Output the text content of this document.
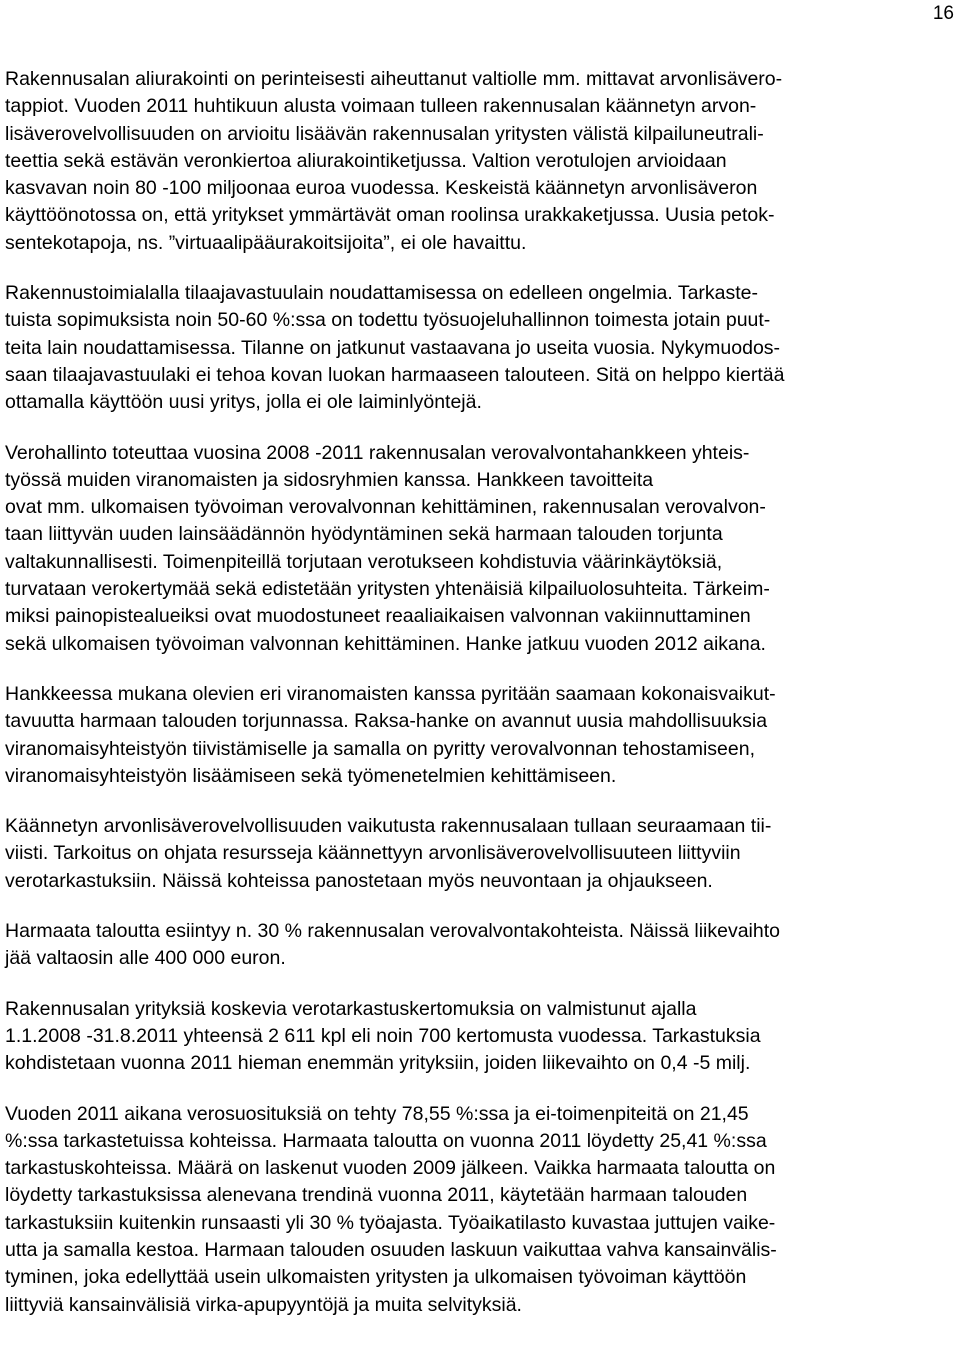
16
Rakennusalan aliurakointi on perinteisesti aiheuttanut valtiolle mm. mittavat arvonlisävero-
tappiot. Vuoden 2011 huhtikuun alusta voimaan tulleen rakennusalan käännetyn arvon-
lisäverovelvollisuuden on arvioitu lisäävän rakennusalan yritysten välistä kilpailuneutrali-
teettia sekä estävän veronkiertoa aliurakointiketjussa. Valtion verotulojen arvioidaan
kasvavan noin 80 -100 miljoonaa euroa vuodessa. Keskeistä käännetyn arvonlisäveron
käyttöönotossa on, että yritykset ymmärtävät oman roolinsa urakkaketjussa. Uusia petok-
sentekotapoja, ns. ”virtuaalipääurakoitsijoita”, ei ole havaittu.
Rakennustoimialalla tilaajavastuulain noudattamisessa on edelleen ongelmia. Tarkaste-
tuista sopimuksista noin 50-60 %:ssa on todettu työsuojeluhallinnon toimesta jotain puut-
teita lain noudattamisessa. Tilanne on jatkunut vastaavana jo useita vuosia. Nykymuodos-
saan tilaajavastuulaki ei tehoa kovan luokan harmaaseen talouteen. Sitä on helppo kiertää
ottamalla käyttöön uusi yritys, jolla ei ole laiminlyöntejä.
Verohallinto toteuttaa vuosina 2008 -2011 rakennusalan verovalvontahankkeen yhteis-
työssä muiden viranomaisten ja sidosryhmien kanssa. Hankkeen tavoitteita
ovat mm. ulkomaisen työvoiman verovalvonnan kehittäminen, rakennusalan verovalvon-
taan liittyvän uuden lainsäädännön hyödyntäminen sekä harmaan talouden torjunta
valtakunnallisesti. Toimenpiteillä torjutaan verotukseen kohdistuvia väärinkäytöksiä,
turvataan verokertymää sekä edistetään yritysten yhtenäisiä kilpailuolosuhteita. Tärkeim-
miksi painopistealueiksi ovat muodostuneet reaaliaikaisen valvonnan vakiinnuttaminen
sekä ulkomaisen työvoiman valvonnan kehittäminen. Hanke jatkuu vuoden 2012 aikana.
Hankkeessa mukana olevien eri viranomaisten kanssa pyritään saamaan kokonaisvaikut-
tavuutta harmaan talouden torjunnassa. Raksa-hanke on avannut uusia mahdollisuuksia
viranomaisyhteistyön tiivistämiselle ja samalla on pyritty verovalvonnan tehostamiseen,
viranomaisyhteistyön lisäämiseen sekä työmenetelmien kehittämiseen.
Käännetyn arvonlisäverovelvollisuuden vaikutusta rakennusalaan tullaan seuraamaan tii-
viisti. Tarkoitus on ohjata resursseja käännettyyn arvonlisäverovelvollisuuteen liittyviin
verotarkastuksiin. Näissä kohteissa panostetaan myös neuvontaan ja ohjaukseen.
Harmaata taloutta esiintyy n. 30 % rakennusalan verovalvontakohteista. Näissä liikevaihto
jää valtaosin alle 400 000 euron.
Rakennusalan yrityksiä koskevia verotarkastuskertomuksia on valmistunut ajalla
1.1.2008 -31.8.2011 yhteensä 2 611 kpl eli noin 700 kertomusta vuodessa. Tarkastuksia
kohdistetaan vuonna 2011 hieman enemmän yrityksiin, joiden liikevaihto on 0,4 -5 milj.
Vuoden 2011 aikana verosuosituksiä on tehty 78,55 %:ssa ja ei-toimenpiteitä on 21,45
%:ssa tarkastetuissa kohteissa. Harmaata taloutta on vuonna 2011 löydetty 25,41 %:ssa
tarkastuskohteissa. Määrä on laskenut vuoden 2009 jälkeen. Vaikka harmaata taloutta on
löydetty tarkastuksissa alenevana trendinä vuonna 2011, käytetään harmaan talouden
tarkastuksiin kuitenkin runsaasti yli 30 % työajasta. Työaikatilasto kuvastaa juttujen vaike-
utta ja samalla kestoa. Harmaan talouden osuuden laskuun vaikuttaa vahva kansainvälis-
tyminen, joka edellyttää usein ulkomaisten yritysten ja ulkomaisen työvoiman käyttöön
liittyviä kansainvälisiä virka-apupyyntöjä ja muita selvityksiä.
